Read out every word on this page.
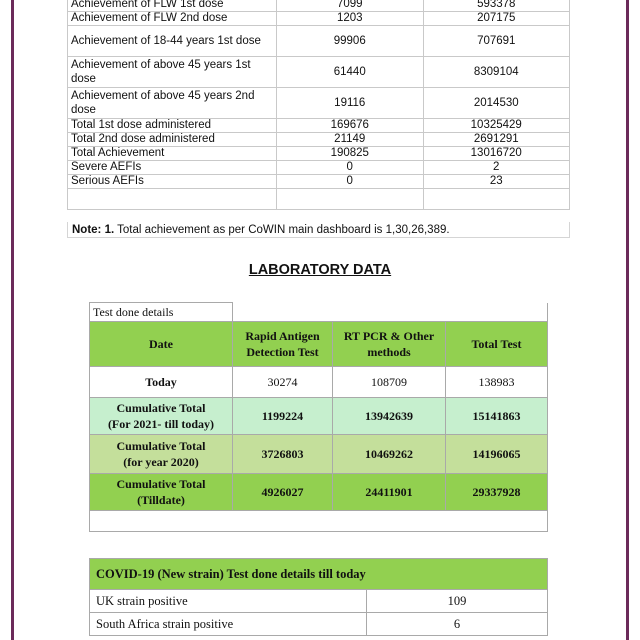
Achievement of FLW 1st dose	7099	593378
Achievement of FLW 2nd dose	1203	207175
Achievement of 18-44 years 1st dose	99906	707691
Achievement of above 45 years 1st dose	61440	8309104
Achievement of above 45 years 2nd dose	19116	2014530
Total 1st dose administered	169676	10325429
Total 2nd dose administered	21149	2691291
Total Achievement	190825	13016720
Severe AEFIs	0	2
Serious AEFIs	0	23

Note: 1. Total achievement as per CoWIN main dashboard is 1,30,26,389.
LABORATORY DATA
Test done details			
Date	Rapid Antigen Detection Test	RT PCR & Other methods	Total Test
Today	30274	108709	138983
Cumulative Total (For 2021- till today)	1199224	13942639	15141863
Cumulative Total (for year 2020)	3726803	10469262	14196065
Cumulative Total (Tilldate)	4926027	24411901	29337928

COVID-19 (New strain) Test done details till today	
UK strain positive	109
South Africa strain positive	6
